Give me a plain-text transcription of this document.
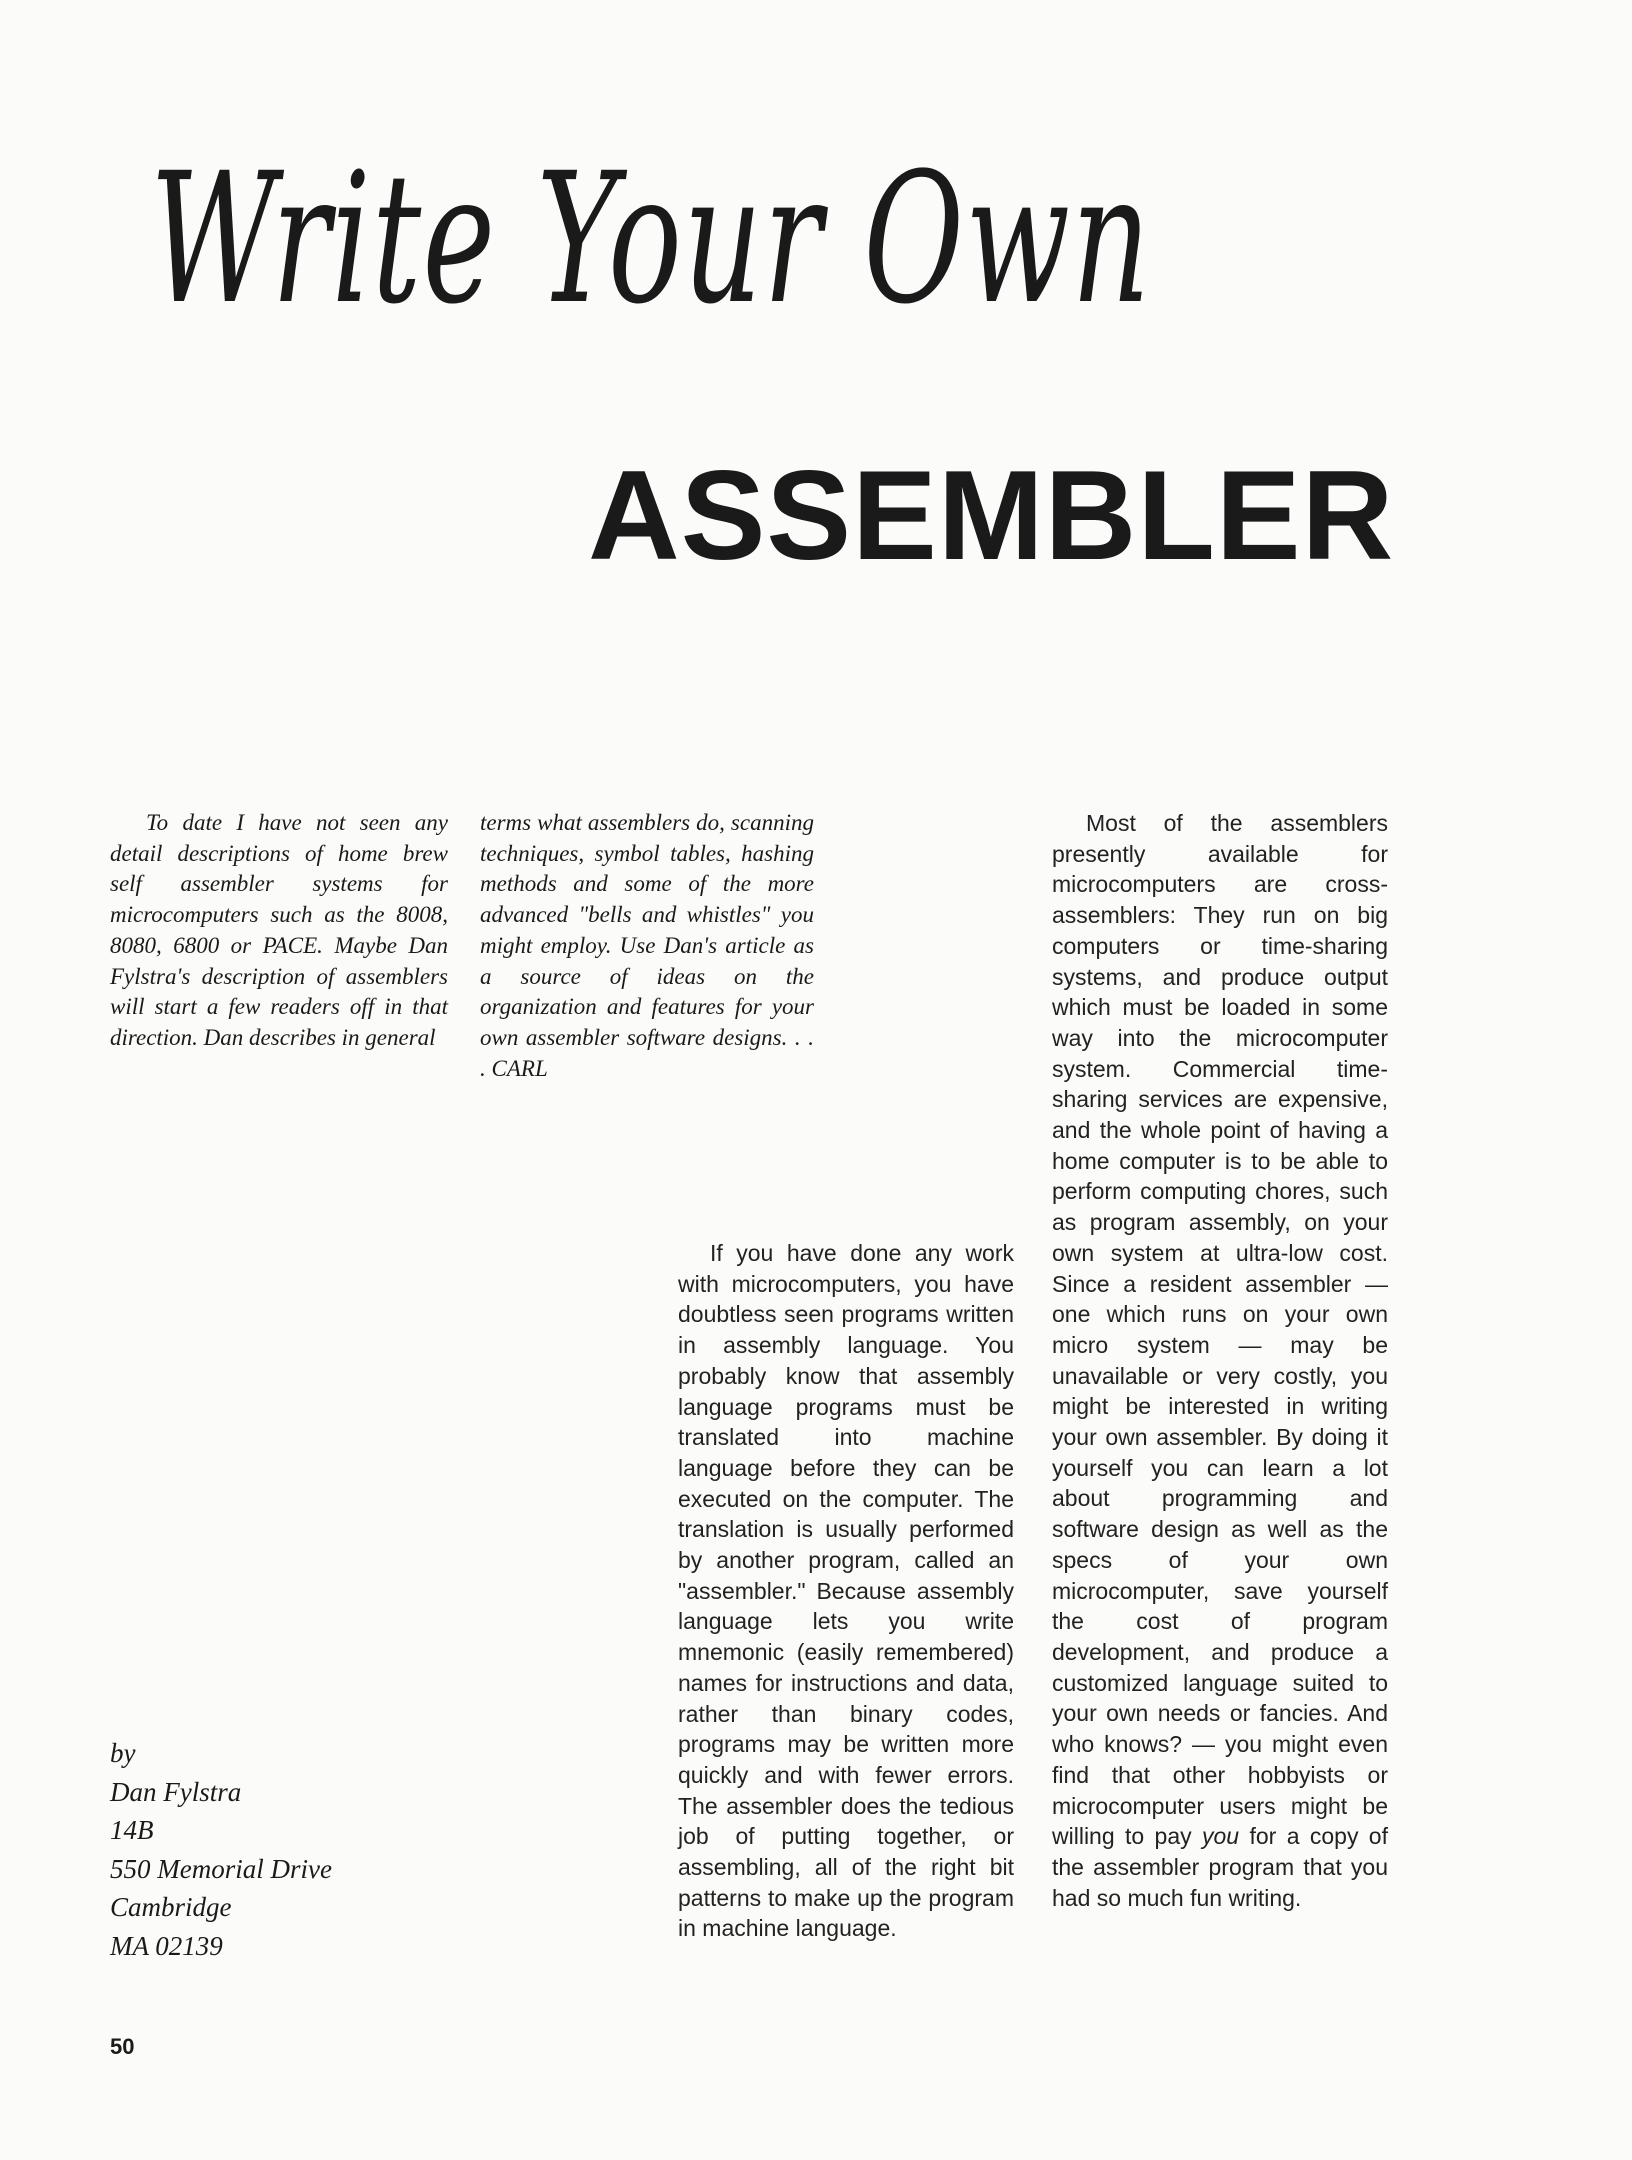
Write Your Own
ASSEMBLER
To date I have not seen any detail descriptions of home brew self assembler systems for microcomputers such as the 8008, 8080, 6800 or PACE. Maybe Dan Fylstra's description of assemblers will start a few readers off in that direction. Dan describes in general
terms what assemblers do, scanning techniques, symbol tables, hashing methods and some of the more advanced "bells and whistles" you might employ. Use Dan's article as a source of ideas on the organization and features for your own assembler software designs. . . . CARL
If you have done any work with microcomputers, you have doubtless seen programs written in assembly language. You probably know that assembly language programs must be translated into machine language before they can be executed on the computer. The translation is usually performed by another program, called an "assembler." Because assembly language lets you write mnemonic (easily remembered) names for instructions and data, rather than binary codes, programs may be written more quickly and with fewer errors. The assembler does the tedious job of putting together, or assembling, all of the right bit patterns to make up the program in machine language.
Most of the assemblers presently available for microcomputers are cross-assemblers: They run on big computers or time-sharing systems, and produce output which must be loaded in some way into the microcomputer system. Commercial time-sharing services are expensive, and the whole point of having a home computer is to be able to perform computing chores, such as program assembly, on your own system at ultra-low cost. Since a resident assembler — one which runs on your own micro system — may be unavailable or very costly, you might be interested in writing your own assembler. By doing it yourself you can learn a lot about programming and software design as well as the specs of your own microcomputer, save yourself the cost of program development, and produce a customized language suited to your own needs or fancies. And who knows? — you might even find that other hobbyists or microcomputer users might be willing to pay you for a copy of the assembler program that you had so much fun writing.
by
Dan Fylstra
14B
550 Memorial Drive
Cambridge
MA 02139
50
